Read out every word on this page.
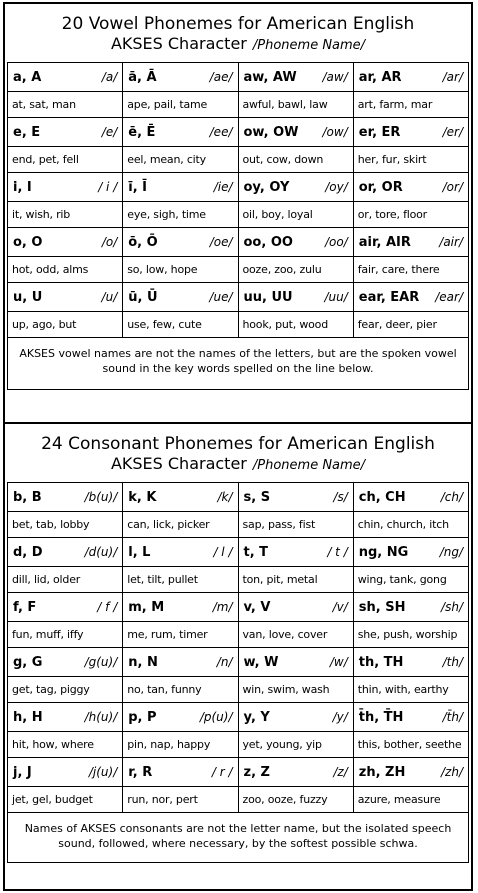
20 Vowel Phonemes for American English
AKSES Character /Phoneme Name/
a, A	/a/ ā, Ā	/ae/ aw, AW /aw/ ar, AR	/ar/
at, sat, man	ape, pail, tame	awful, bawl, law	art, farm, mar
e, E	/e/ ē, Ē	/ee/ ow, OW /ow/ er, ER	/er/
end, pet, fell	eel, mean, city	out, cow, down	her, fur, skirt
i, I	/ i / ī, Ī	/ie/ oy, OY	/oy/ or, OR	/or/
it, wish, rib	eye, sigh, time	oil, boy, loyal	or, tore, floor
o, O	/o/ ō, Ō	/oe/ oo, OO	/oo/ air, AIR /air/
hot, odd, alms	so, low, hope	ooze, zoo, zulu	fair, care, there
u, U	/u/ ū, Ū	/ue/ uu, UU	/uu/ ear, EAR /ear/
up, ago, but	use, few, cute	hook, put, wood	fear, deer, pier
AKSES vowel names are not the names of the letters, but are the spoken vowel sound in the key words spelled on the line below.
24 Consonant Phonemes for American English
AKSES Character /Phoneme Name/
b, B	/b(u)/ k, K	/k/ s, S	/s/ ch, CH	/ch/
bet, tab, lobby	can, lick, picker	sap, pass, fist	chin, church, itch
d, D	/d(u)/ l, L	/ l / t, T	/ t / ng, NG	/ng/
dill, lid, older	let, tilt, pullet	ton, pit, metal	wing, tank, gong
f, F	/ f / m, M	/m/ v, V	/v/ sh, SH	/sh/
fun, muff, iffy	me, rum, timer	van, love, cover	she, push, worship
g, G	/g(u)/ n, N	/n/ w, W	/w/ th, TH	/th/
get, tag, piggy	no, tan, funny	win, swim, wash	thin, with, earthy
h, H	/h(u)/ p, P	/p(u)/ y, Y	/y/ t̄h, T̄H	/t̄h/
hit, how, where	pin, nap, happy	yet, young, yip	this, bother, seethe
j, J	/j(u)/ r, R	/ r / z, Z	/z/ zh, ZH	/zh/
jet, gel, budget	run, nor, pert	zoo, ooze, fuzzy	azure, measure
Names of AKSES consonants are not the letter name, but the isolated speech sound, followed, where necessary, by the softest possible schwa.
